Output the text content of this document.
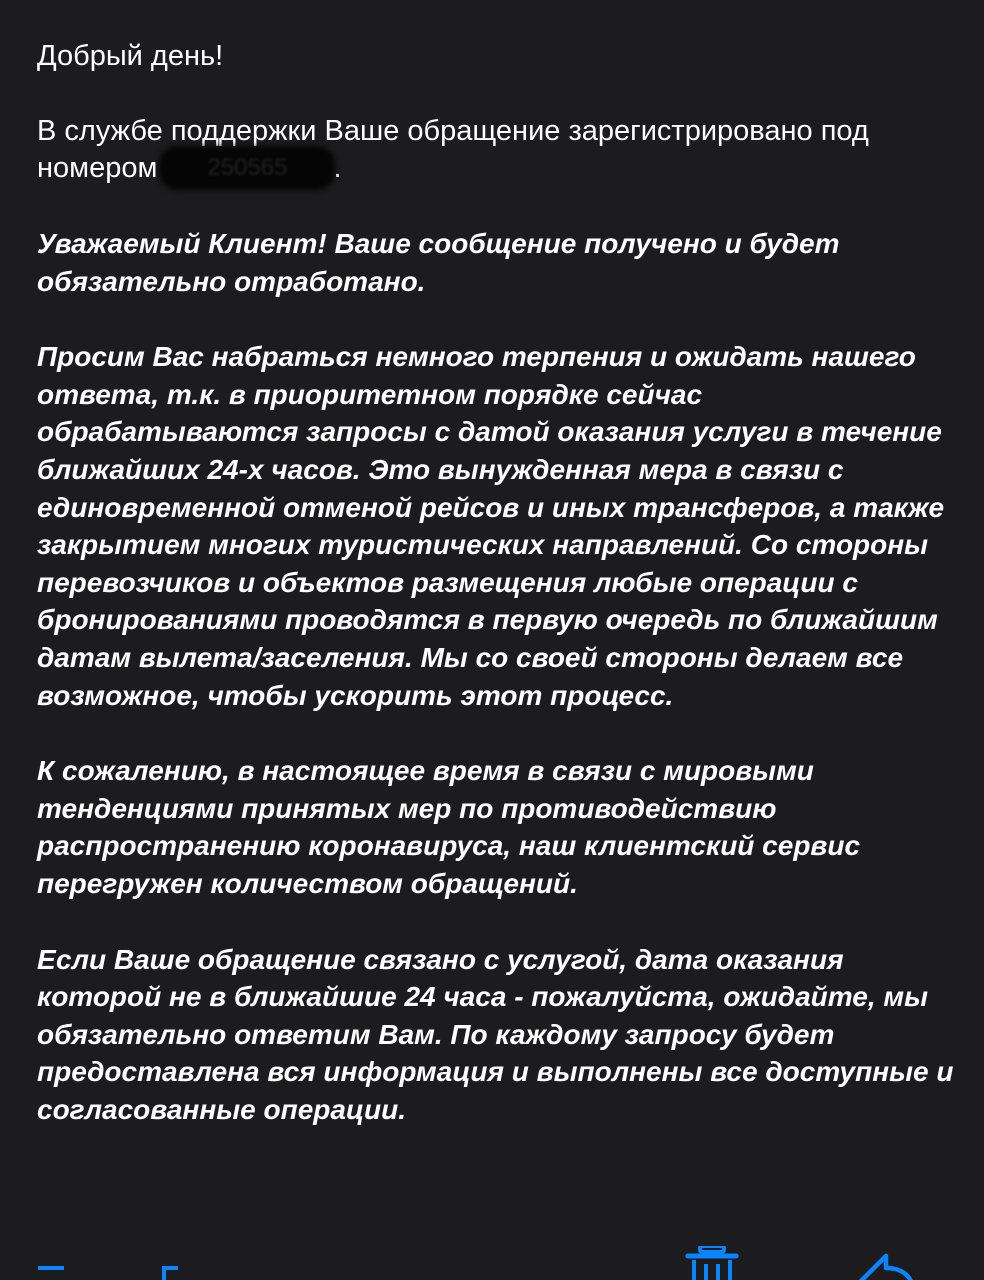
Добрый день!

В службе поддержки Ваше обращение зарегистрировано под номером 250565 .

Уважаемый Клиент! Ваше сообщение получено и будет обязательно отработано.

Просим Вас набраться немного терпения и ожидать нашего ответа, т.к. в приоритетном порядке сейчас обрабатываются запросы с датой оказания услуги в течение ближайших 24-х часов. Это вынужденная мера в связи с единовременной отменой рейсов и иных трансферов, а также закрытием многих туристических направлений. Со стороны перевозчиков и объектов размещения любые операции с бронированиями проводятся в первую очередь по ближайшим датам вылета/заселения. Мы со своей стороны делаем все возможное, чтобы ускорить этот процесс.

К сожалению, в настоящее время в связи с мировыми тенденциями принятых мер по противодействию распространению коронавируса, наш клиентский сервис перегружен количеством обращений.

Если Ваше обращение связано с услугой, дата оказания которой не в ближайшие 24 часа - пожалуйста, ожидайте, мы обязательно ответим Вам. По каждому запросу будет предоставлена вся информация и выполнены все доступные и согласованные операции.
